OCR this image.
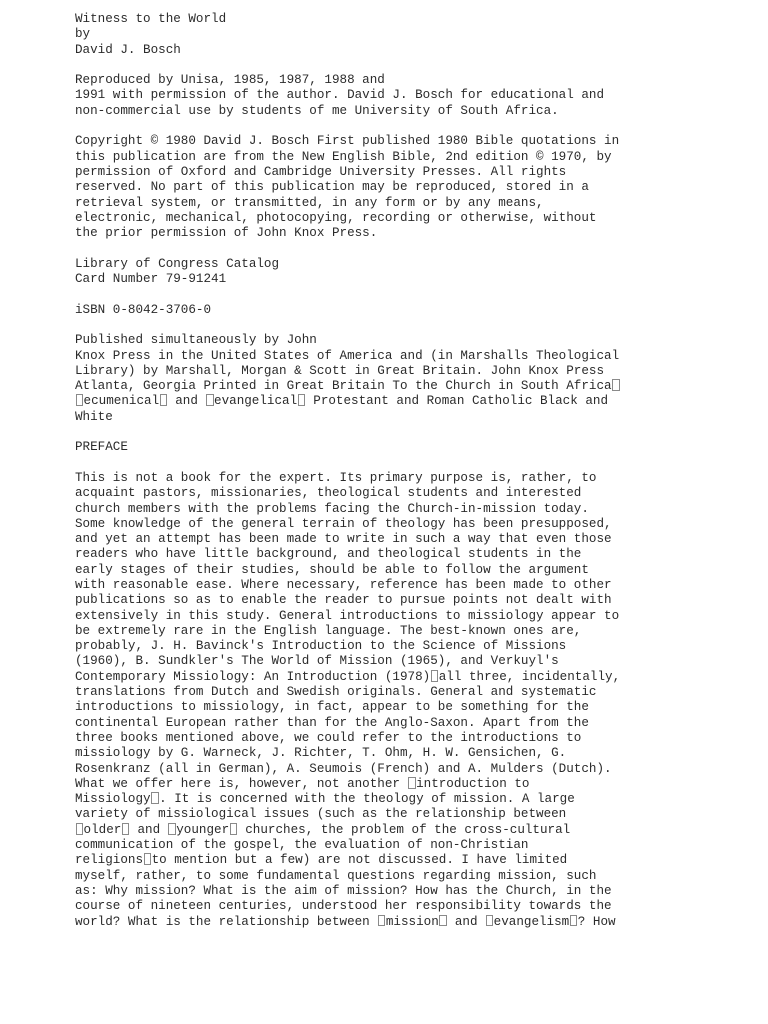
Witness to the World
by
David J. Bosch
Reproduced by Unisa, 1985, 1987, 1988 and
1991 with permission of the author. David J. Bosch for educational and
non-commercial use by students of me University of South Africa.
Copyright © 1980 David J. Bosch First published 1980 Bible quotations in
this publication are from the New English Bible, 2nd edition © 1970, by
permission of Oxford and Cambridge University Presses. All rights
reserved. No part of this publication may be reproduced, stored in a
retrieval system, or transmitted, in any form or by any means,
electronic, mechanical, photocopying, recording or otherwise, without
the prior permission of John Knox Press.
Library of Congress Catalog
Card Number 79-91241
iSBN 0-8042-3706-0
Published simultaneously by John
Knox Press in the United States of America and (in Marshalls Theological
Library) by Marshall, Morgan & Scott in Great Britain. John Knox Press
Atlanta, Georgia Printed in Great Britain To the Church in South Africa
ecumenical and evangelical Protestant and Roman Catholic Black and
White
PREFACE
This is not a book for the expert. Its primary purpose is, rather, to
acquaint pastors, missionaries, theological students and interested
church members with the problems facing the Church-in-mission today.
Some knowledge of the general terrain of theology has been presupposed,
and yet an attempt has been made to write in such a way that even those
readers who have little background, and theological students in the
early stages of their studies, should be able to follow the argument
with reasonable ease. Where necessary, reference has been made to other
publications so as to enable the reader to pursue points not dealt with
extensively in this study. General introductions to missiology appear to
be extremely rare in the English language. The best-known ones are,
probably, J. H. Bavinck's Introduction to the Science of Missions
(1960), B. Sundkler's The World of Mission (1965), and Verkuyl's
Contemporary Missiology: An Introduction (1978) all three, incidentally,
translations from Dutch and Swedish originals. General and systematic
introductions to missiology, in fact, appear to be something for the
continental European rather than for the Anglo-Saxon. Apart from the
three books mentioned above, we could refer to the introductions to
missiology by G. Warneck, J. Richter, T. Ohm, H. W. Gensichen, G.
Rosenkranz (all in German), A. Seumois (French) and A. Mulders (Dutch).
What we offer here is, however, not another introduction to
Missiology . It is concerned with the theology of mission. A large
variety of missiological issues (such as the relationship between
older and younger churches, the problem of the cross-cultural
communication of the gospel, the evaluation of non-Christian
religions to mention but a few) are not discussed. I have limited
myself, rather, to some fundamental questions regarding mission, such
as: Why mission? What is the aim of mission? How has the Church, in the
course of nineteen centuries, understood her responsibility towards the
world? What is the relationship between mission and evangelism ? How
